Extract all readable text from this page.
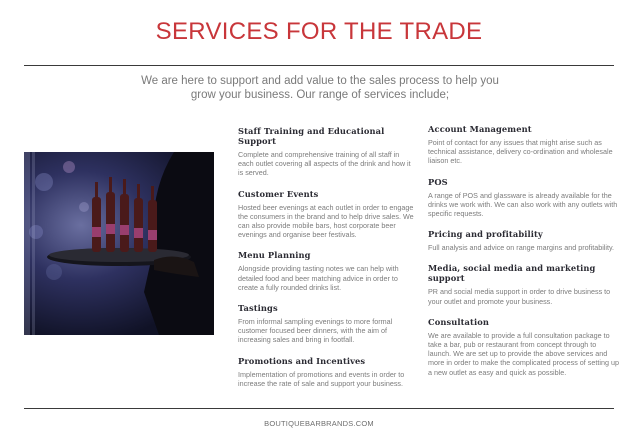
SERVICES FOR THE TRADE
We are here to support and add value to the sales process to help you
grow your business. Our range of services include;
Staff Training and Educational Support
Complete and comprehensive training of all staff in each outlet covering all aspects of the drink and how it is served.
Customer Events
Hosted beer evenings at each outlet in order to engage the consumers in the brand and to help drive sales. We can also provide mobile bars, host corporate beer evenings and organise beer festivals.
Menu Planning
Alongside providing tasting notes we can help with detailed food and beer matching advice in order to create a fully rounded drinks list.
Tastings
From informal sampling evenings to more formal customer focused beer dinners, with the aim of increasing sales and bring in footfall.
Promotions and Incentives
Implementation of promotions and events in order to increase the rate of sale and support your business.
Account Management
Point of contact for any issues that might arise such as technical assistance, delivery co-ordination and wholesale liaison etc.
POS
A range of POS and glassware is already available for the drinks we work with. We can also work with any outlets with specific requests.
Pricing and profitability
Full analysis and advice on range margins and profitability.
Media, social media and marketing support
PR and social media support in order to drive business to your outlet and promote your business.
Consultation
We are available to provide a full consultation package to take a bar, pub or restaurant from concept through to launch. We are set up to provide the above services and more in order to make the complicated process of setting up a new outlet as easy and quick as possible.
BOUTIQUEBARBRANDS.COM
